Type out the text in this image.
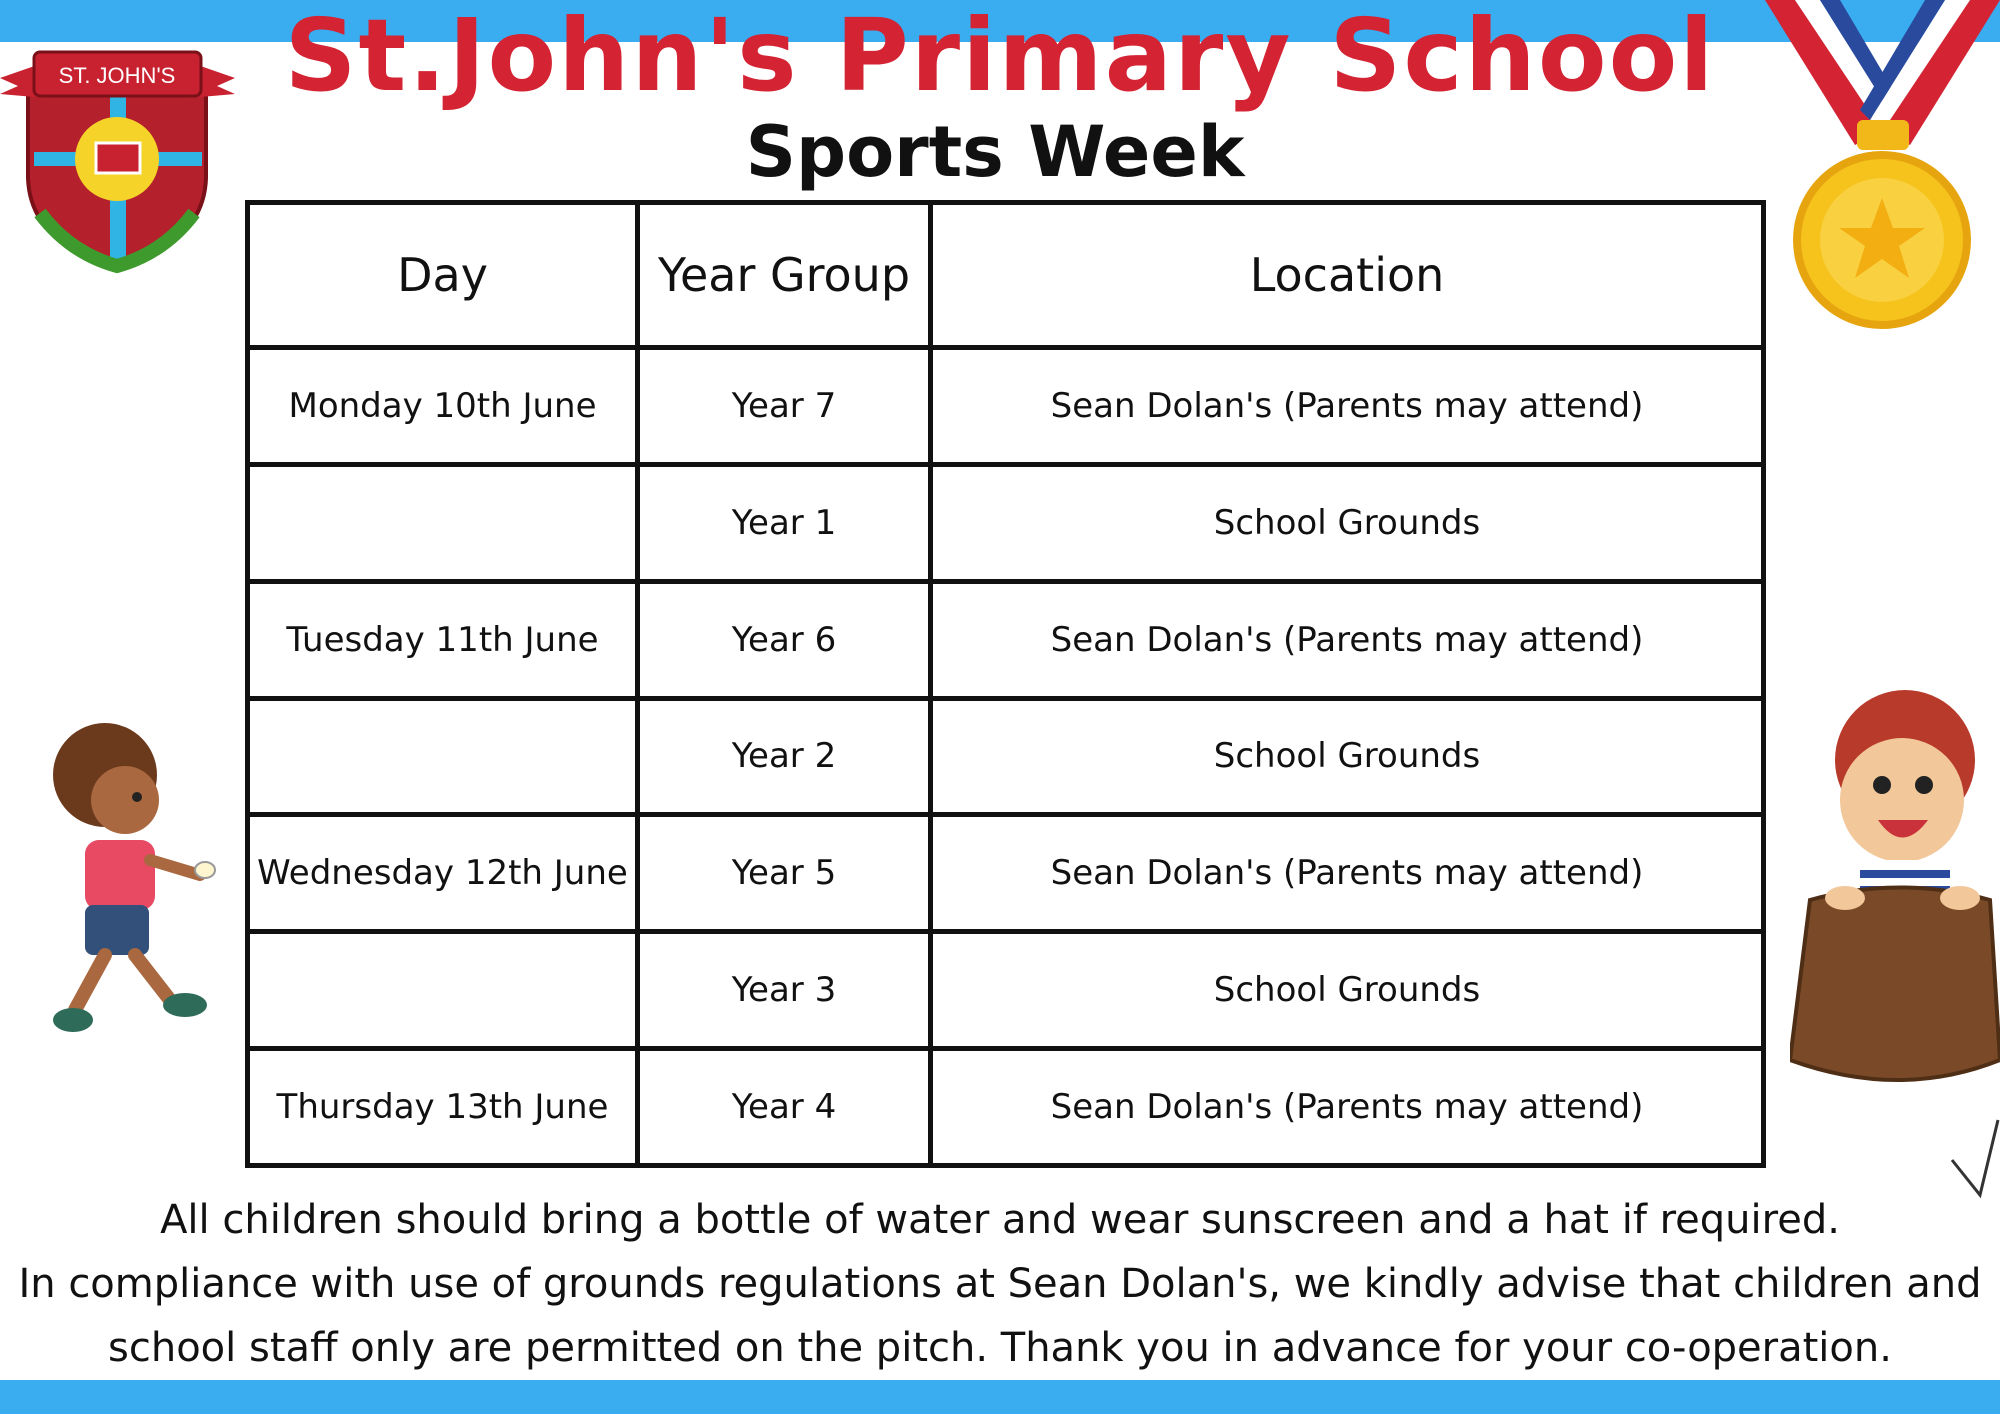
ST. JOHN'S	St.John's Primary School
Sports Week
Day	Year Group	Location
Monday 10th June	Year 7	Sean Dolan's (Parents may attend)
	Year 1	School Grounds
Tuesday 11th June	Year 6	Sean Dolan's (Parents may attend)
	Year 2	School Grounds
Wednesday 12th June	Year 5	Sean Dolan's (Parents may attend)
	Year 3	School Grounds
Thursday 13th June	Year 4	Sean Dolan's (Parents may attend)

All children should bring a bottle of water and wear sunscreen and a hat if required.

In compliance with use of grounds regulations at Sean Dolan's, we kindly advise that children and

school staff only are permitted on the pitch. Thank you in advance for your co-operation.
